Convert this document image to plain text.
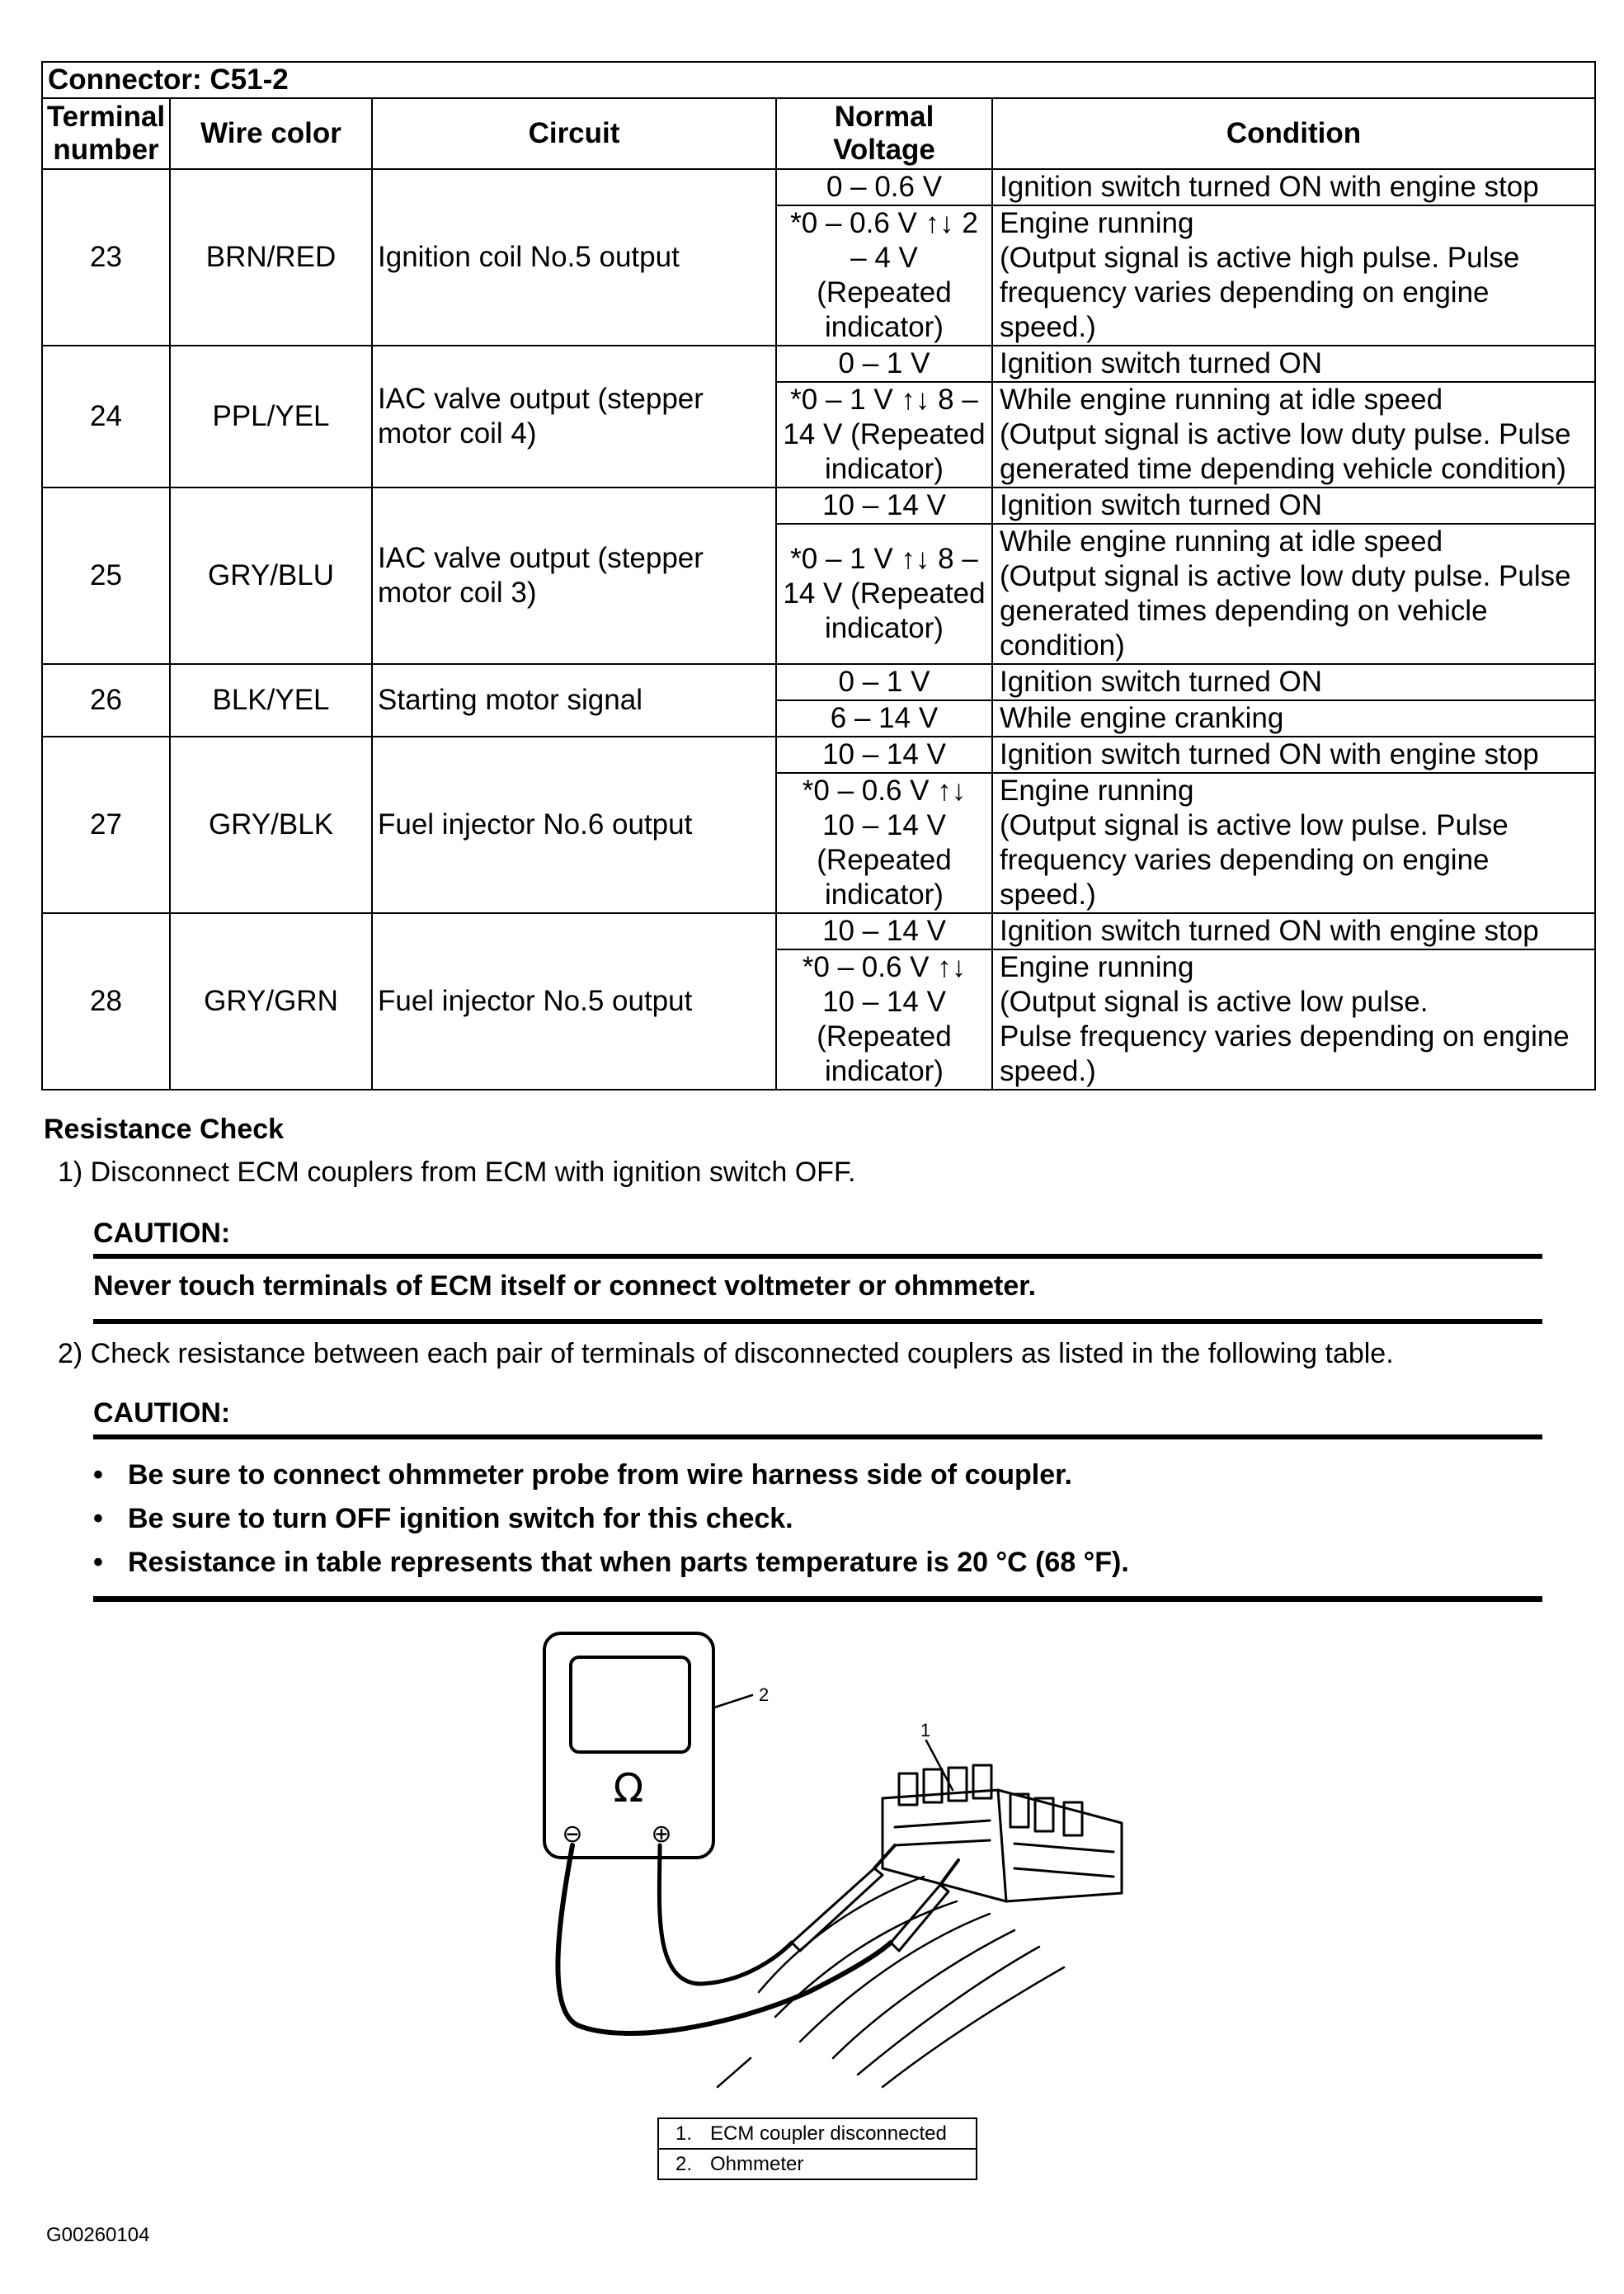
Connector: C51-2				
Terminal
number	Wire color	Circuit	Normal
Voltage	Condition
23	BRN/RED	Ignition coil No.5 output	0 – 0.6 V	Ignition switch turned ON with engine stop
			*0 – 0.6 V ↑↓ 2
– 4 V
(Repeated
indicator)	Engine running
(Output signal is active high pulse. Pulse
frequency varies depending on engine
speed.)
24	PPL/YEL	IAC valve output (stepper
motor coil 4)	0 – 1 V	Ignition switch turned ON
			*0 – 1 V ↑↓ 8 –
14 V (Repeated
indicator)	While engine running at idle speed
(Output signal is active low duty pulse. Pulse
generated time depending vehicle condition)
25	GRY/BLU	IAC valve output (stepper
motor coil 3)	10 – 14 V	Ignition switch turned ON
			*0 – 1 V ↑↓ 8 –
14 V (Repeated
indicator)	While engine running at idle speed
(Output signal is active low duty pulse. Pulse
generated times depending on vehicle
condition)
26	BLK/YEL	Starting motor signal	0 – 1 V	Ignition switch turned ON
			6 – 14 V	While engine cranking
27	GRY/BLK	Fuel injector No.6 output	10 – 14 V	Ignition switch turned ON with engine stop
			*0 – 0.6 V ↑↓
10 – 14 V
(Repeated
indicator)	Engine running
(Output signal is active low pulse. Pulse
frequency varies depending on engine
speed.)
28	GRY/GRN	Fuel injector No.5 output	10 – 14 V	Ignition switch turned ON with engine stop
			*0 – 0.6 V ↑↓
10 – 14 V
(Repeated
indicator)	Engine running
(Output signal is active low pulse.
Pulse frequency varies depending on engine
speed.)
Resistance Check
1) Disconnect ECM couplers from ECM with ignition switch OFF.
CAUTION:
Never touch terminals of ECM itself or connect voltmeter or ohmmeter.
2) Check resistance between each pair of terminals of disconnected couplers as listed in the following table.
CAUTION:
• Be sure to connect ohmmeter probe from wire harness side of coupler.
• Be sure to turn OFF ignition switch for this check.
• Resistance in table represents that when parts temperature is 20 °C (68 °F).
Ω
⊖	⊕
2
1
1. ECM coupler disconnected
2. Ohmmeter
G00260104
